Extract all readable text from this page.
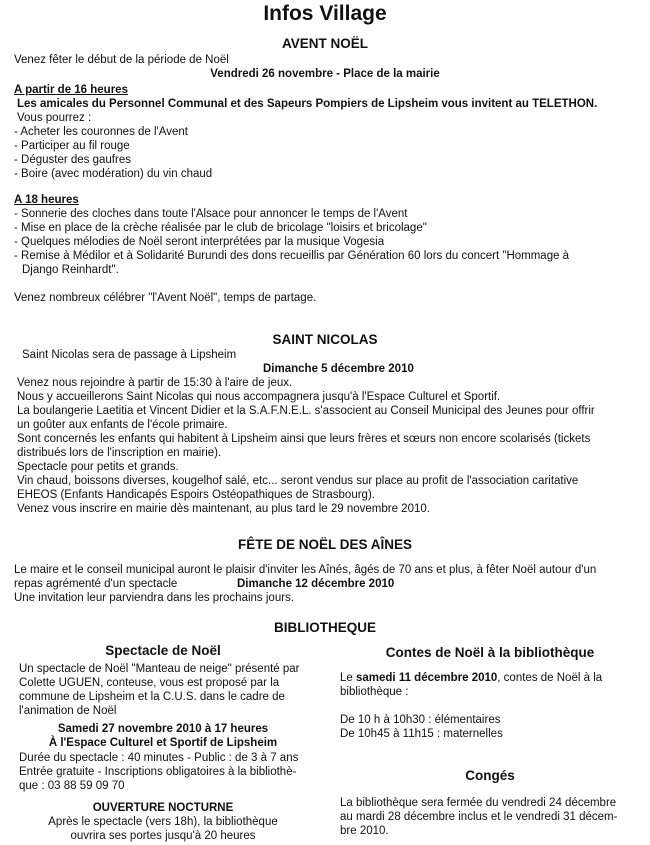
Infos Village
AVENT NOËL
Venez fêter le début de la période de Noël
Vendredi 26 novembre - Place de la mairie
A partir de 16 heures
Les amicales du Personnel Communal et des Sapeurs Pompiers de Lipsheim vous invitent au TELETHON.
Vous pourrez :
- Acheter les couronnes de l'Avent
- Participer au fil rouge
- Déguster des gaufres
- Boire (avec modération) du vin chaud
A 18 heures
- Sonnerie des cloches dans toute l'Alsace pour annoncer le temps de l'Avent
- Mise en place de la crèche réalisée par le club de bricolage "loisirs et bricolage"
- Quelques mélodies de Noël seront interprétées par la musique Vogesia
- Remise à Médilor et à Solidarité Burundi des dons recueillis par Génération 60 lors du concert "Hommage à
Django Reinhardt".
Venez nombreux célébrer "l'Avent Noël", temps de partage.
SAINT NICOLAS
Saint Nicolas sera de passage à Lipsheim
Dimanche 5 décembre 2010
Venez nous rejoindre à partir de 15:30 à l'aire de jeux.
Nous y accueillerons Saint Nicolas qui nous accompagnera jusqu'à l'Espace Culturel et Sportif.
La boulangerie Laetitia et Vincent Didier et la S.A.F.N.E.L. s'associent au Conseil Municipal des Jeunes pour offrir
un goûter aux enfants de l'école primaire.
Sont concernés les enfants qui habitent à Lipsheim ainsi que leurs frères et sœurs non encore scolarisés (tickets
distribués lors de l'inscription en mairie).
Spectacle pour petits et grands.
Vin chaud, boissons diverses, kougelhof salé, etc... seront vendus sur place au profit de l'association caritative
EHEOS (Enfants Handicapés Espoirs Ostéopathiques de Strasbourg).
Venez vous inscrire en mairie dès maintenant, au plus tard le 29 novembre 2010.
FÊTE DE NOËL DES AÎNES
Le maire et le conseil municipal auront le plaisir d'inviter les Aînés, âgés de 70 ans et plus, à fêter Noël autour d'un
repas agrémenté d'un spectacle	Dimanche 12 décembre 2010
Une invitation leur parviendra dans les prochains jours.
BIBLIOTHEQUE
Spectacle de Noël
Un spectacle de Noël "Manteau de neige" présenté par
Colette UGUEN, conteuse, vous est proposé par la
commune de Lipsheim et la C.U.S. dans le cadre de
l'animation de Noël
Samedi 27 novembre 2010 à 17 heures
À l'Espace Culturel et Sportif de Lipsheim
Durée du spectacle : 40 minutes - Public : de 3 à 7 ans
Entrée gratuite - Inscriptions obligatoires à la bibliothè-
que : 03 88 59 09 70
OUVERTURE NOCTURNE
Après le spectacle (vers 18h), la bibliothèque
ouvrira ses portes jusqu'à 20 heures
Contes de Noël à la bibliothèque
Le samedi 11 décembre 2010, contes de Noël à la
bibliothèque :
De 10 h à 10h30 : élémentaires
De 10h45 à 11h15 : maternelles
Congés
La bibliothèque sera fermée du vendredi 24 décembre
au mardi 28 décembre inclus et le vendredi 31 décem-
bre 2010.
